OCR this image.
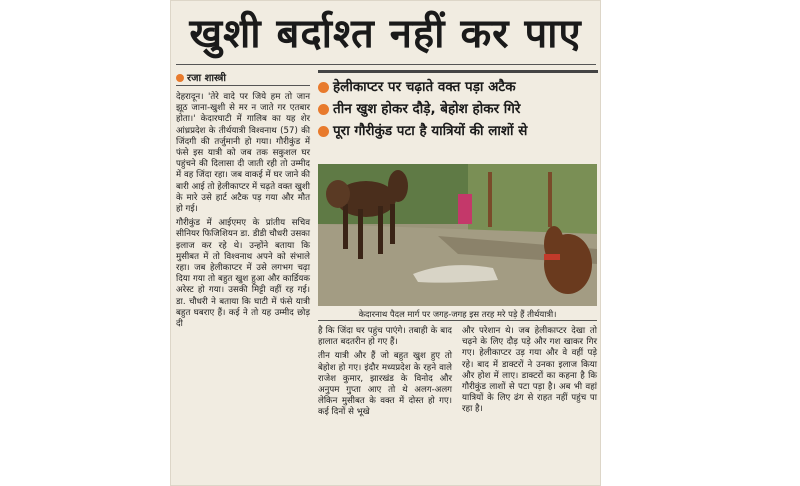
खुशी बर्दाश्त नहीं कर पाए
रजा शास्त्री
हेलीकाप्टर पर चढ़ाते वक्त पड़ा अटैक
तीन खुश होकर दौड़े, बेहोश होकर गिरे
पूरा गौरीकुंड पटा है यात्रियों की लाशों से

देहरादून। 'तेरे वादे पर जिये हम तो जान झूठ जाना-खुशी से मर न जाते गर एतबार होता।' केदारघाटी में गालिब का यह शेर आंध्रप्रदेश के तीर्थयात्री विश्वनाथ (57) की जिंदगी की तर्जुमानी हो गया। गौरीकुंड में फंसे इस यात्री को जब तक सकुशल घर पहुंचने की दिलासा दी जाती रही तो उम्मीद में वह जिंदा रहा। जब वाकई में घर जाने की बारी आई तो हेलीकाप्टर में चढ़ते वक्त खुशी के मारे उसे हार्ट अटैक पड़ गया और मौत हो गई।

गौरीकुंड में आईएमए के प्रांतीय सचिव सीनियर फिजिशियन डा. डीडी चौधरी उसका इलाज कर रहे थे। उन्होंने बताया कि मुसीबत में तो विश्वनाथ अपने को संभाले रहा। जब हेलीकाप्टर में उसे लगभग चढ़ा दिया गया तो बहुत खुश हुआ और कार्डियक अरेस्ट हो गया। उसकी मिट्टी वहीं रह गई। डा. चौधरी ने बताया कि घाटी में फंसे यात्री बहुत घबराए हैं। कई ने तो यह उम्मीद छोड़ दी

केदारनाथ पैदल मार्ग पर जगह-जगह इस तरह मरे पड़े हैं तीर्थयात्री।

है कि जिंदा घर पहुंच पाएंगे। तबाही के बाद हालात बदतरीन हो गए हैं।

तीन यात्री और हैं जो बहुत खुश हुए तो बेहोश हो गए। इंदौर मध्यप्रदेश के रहने वाले राजेश कुमार, झारखंड के विनोद और अनुपम गुप्ता आए तो थे अलग-अलग लेकिन मुसीबत के वक्त में दोस्त हो गए। कई दिनों से भूखे

और परेशान थे। जब हेलीकाप्टर देखा तो चढ़ने के लिए दौड़ पड़े और गश खाकर गिर गए। हेलीकाप्टर उड़ गया और वे वहीं पड़े रहे। बाद में डाक्टरों ने उनका इलाज किया और होश में लाए। डाक्टरों का कहना है कि गौरीकुंड लाशों से पटा पड़ा है। अब भी वहां यात्रियों के लिए ढंग से राहत नहीं पहुंच पा रहा है।
